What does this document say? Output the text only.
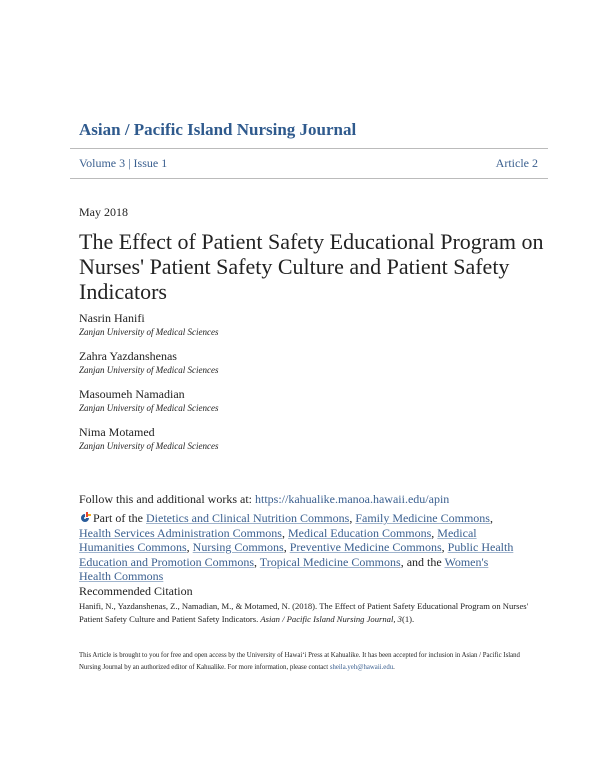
Asian / Pacific Island Nursing Journal
Volume 3 | Issue 1	Article 2
May 2018
The Effect of Patient Safety Educational Program on Nurses' Patient Safety Culture and Patient Safety Indicators
Nasrin Hanifi
Zanjan University of Medical Sciences
Zahra Yazdanshenas
Zanjan University of Medical Sciences
Masoumeh Namadian
Zanjan University of Medical Sciences
Nima Motamed
Zanjan University of Medical Sciences
Follow this and additional works at: https://kahualike.manoa.hawaii.edu/apin
Part of the Dietetics and Clinical Nutrition Commons, Family Medicine Commons, Health Services Administration Commons, Medical Education Commons, Medical Humanities Commons, Nursing Commons, Preventive Medicine Commons, Public Health Education and Promotion Commons, Tropical Medicine Commons, and the Women's Health Commons
Recommended Citation
Hanifi, N., Yazdanshenas, Z., Namadian, M., & Motamed, N. (2018). The Effect of Patient Safety Educational Program on Nurses' Patient Safety Culture and Patient Safety Indicators. Asian / Pacific Island Nursing Journal, 3(1).
This Article is brought to you for free and open access by the University of Hawaiʻi Press at Kahualike. It has been accepted for inclusion in Asian / Pacific Island Nursing Journal by an authorized editor of Kahualike. For more information, please contact sheila.yeh@hawaii.edu.
